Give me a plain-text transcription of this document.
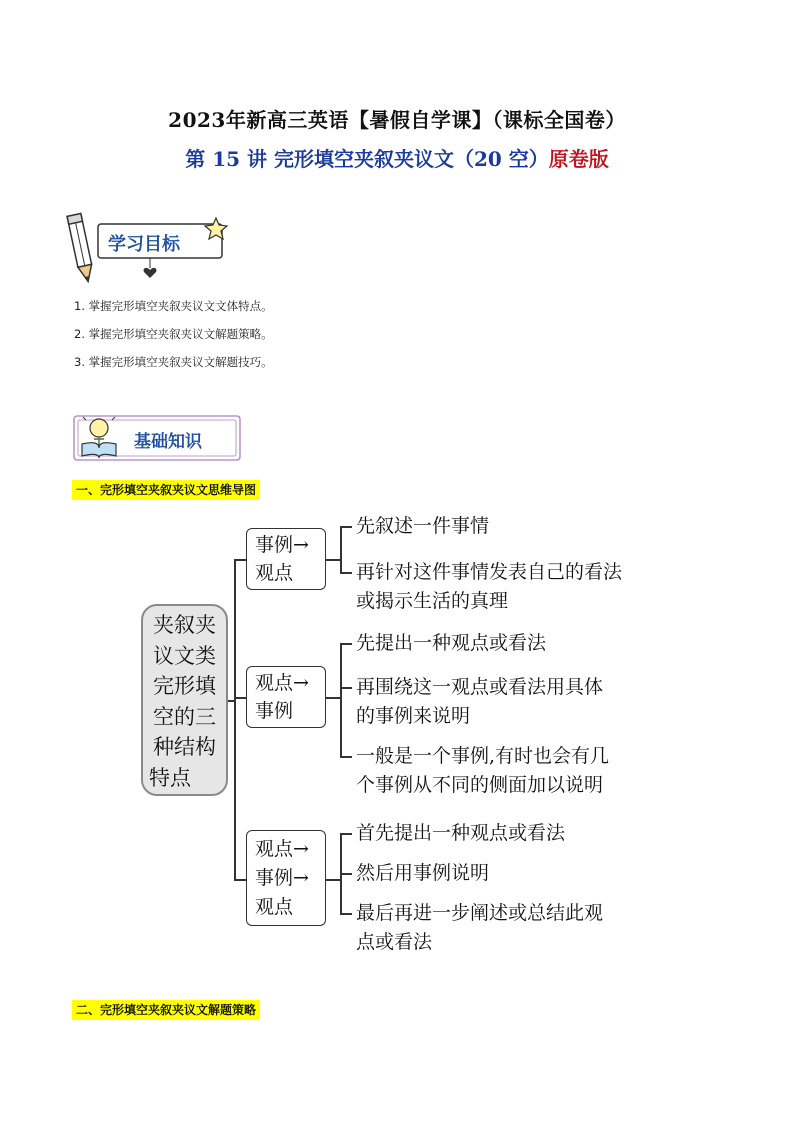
2023年新高三英语【暑假自学课】（课标全国卷）
第 15 讲 完形填空夹叙夹议文（20 空）原卷版
学习目标
1. 掌握完形填空夹叙夹议文文体特点。
2. 掌握完形填空夹叙夹议文解题策略。
3. 掌握完形填空夹叙夹议文解题技巧。
基础知识
一、完形填空夹叙夹议文思维导图
二、完形填空夹叙夹议文解题策略
夹叙夹
议文类
完形填
空的三
种结构
特点
事例→
观点
先叙述一件事情
再针对这件事情发表自己的看法
或揭示生活的真理
观点→
事例
先提出一种观点或看法
再围绕这一观点或看法用具体
的事例来说明
一般是一个事例,有时也会有几
个事例从不同的侧面加以说明
观点→
事例→
观点
首先提出一种观点或看法
然后用事例说明
最后再进一步阐述或总结此观
点或看法
